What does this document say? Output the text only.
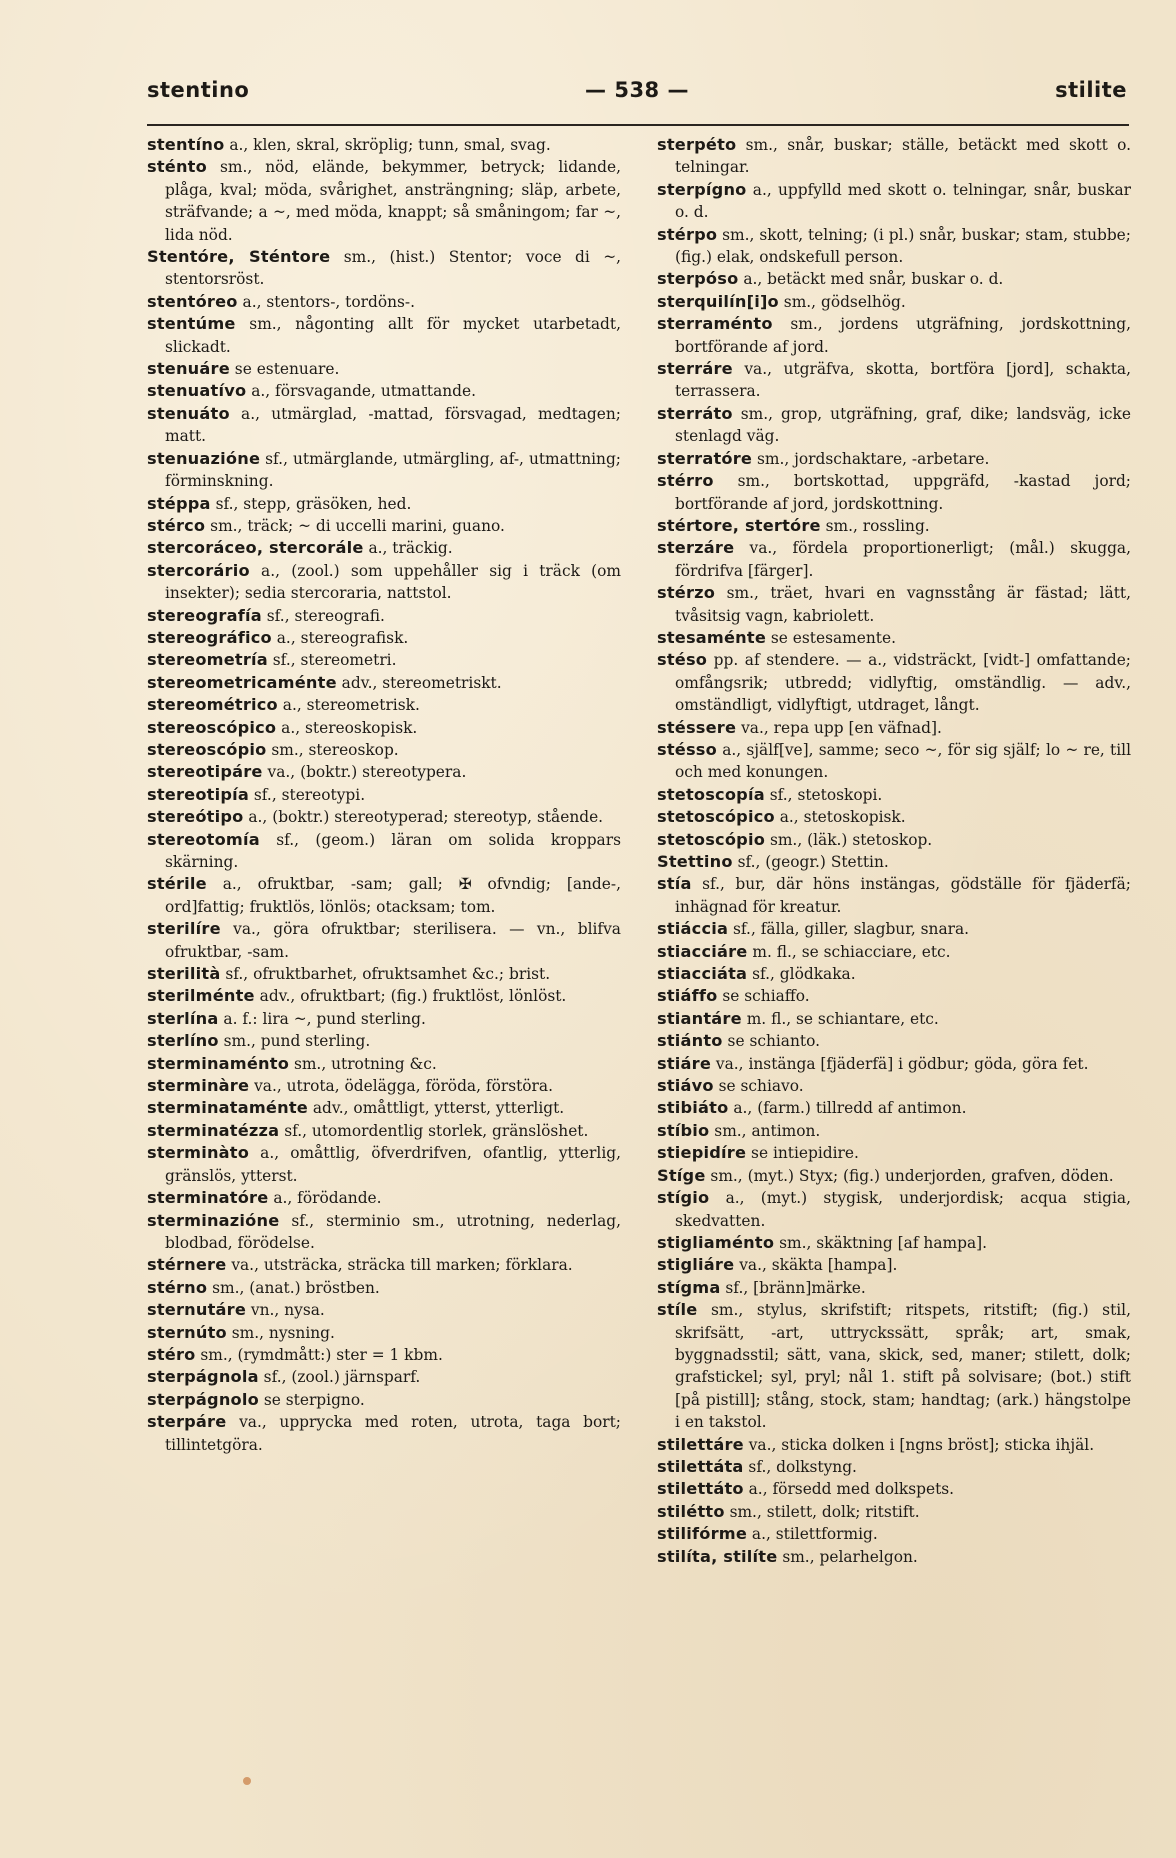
stentino	— 538 —	stilite
stentíno a., klen, skral, skröplig; tunn, smal, svag.
sténto sm., nöd, elände, bekymmer, betryck; lidande, plåga, kval; möda, svårighet, ansträngning; släp, arbete, sträfvande; a ~, med möda, knappt; så småningom; far ~, lida nöd.
Stentóre, Sténtore sm., (hist.) Stentor; voce di ~, stentorsröst.
stentóreo a., stentors-, tordöns-.
stentúme sm., någonting allt för mycket utarbetadt, slickadt.
stenuáre se estenuare.
stenuatívo a., försvagande, utmattande.
stenuáto a., utmärglad, -mattad, försvagad, medtagen; matt.
stenuazióne sf., utmärglande, utmärgling, af-, utmattning; förminskning.
stéppa sf., stepp, gräsöken, hed.
stérco sm., träck; ~ di uccelli marini, guano.
stercoráceo, stercorále a., träckig.
stercorário a., (zool.) som uppehåller sig i träck (om insekter); sedia stercoraria, nattstol.
stereografía sf., stereografi.
stereográfico a., stereografisk.
stereometría sf., stereometri.
stereometricaménte adv., stereometriskt.
stereométrico a., stereometrisk.
stereoscópico a., stereoskopisk.
stereoscópio sm., stereoskop.
stereotipáre va., (boktr.) stereotypera.
stereotipía sf., stereotypi.
stereótipo a., (boktr.) stereotyperad; stereotyp, stående.
stereotomía sf., (geom.) läran om solida kroppars skärning.
stérile a., ofruktbar, -sam; gall; ✠ ofvndig; [ande-, ord]fattig; fruktlös, lönlös; otacksam; tom.
sterilíre va., göra ofruktbar; sterilisera. — vn., blifva ofruktbar, -sam.
sterilità sf., ofruktbarhet, ofruktsamhet &c.; brist.
sterilménte adv., ofruktbart; (fig.) fruktlöst, lönlöst.
sterlína a. f.: lira ~, pund sterling.
sterlíno sm., pund sterling.
sterminaménto sm., utrotning &c.
sterminàre va., utrota, ödelägga, föröda, förstöra.
sterminataménte adv., omåttligt, ytterst, ytterligt.
sterminatézza sf., utomordentlig storlek, gränslöshet.
sterminàto a., omåttlig, öfverdrifven, ofantlig, ytterlig, gränslös, ytterst.
sterminatóre a., förödande.
sterminazióne sf., sterminio sm., utrotning, nederlag, blodbad, förödelse.
stérnere va., utsträcka, sträcka till marken; förklara.
stérno sm., (anat.) bröstben.
sternutáre vn., nysa.
sternúto sm., nysning.
stéro sm., (rymdmått:) ster = 1 kbm.
sterpágnola sf., (zool.) järnsparf.
sterpágnolo se sterpigno.
sterpáre va., upprycka med roten, utrota, taga bort; tillintetgöra.
sterpéto sm., snår, buskar; ställe, betäckt med skott o. telningar.
sterpígno a., uppfylld med skott o. telningar, snår, buskar o. d.
stérpo sm., skott, telning; (i pl.) snår, buskar; stam, stubbe; (fig.) elak, ondskefull person.
sterpóso a., betäckt med snår, buskar o. d.
sterquilín[i]o sm., gödselhög.
sterraménto sm., jordens utgräfning, jordskottning, bortförande af jord.
sterráre va., utgräfva, skotta, bortföra [jord], schakta, terrassera.
sterráto sm., grop, utgräfning, graf, dike; landsväg, icke stenlagd väg.
sterratóre sm., jordschaktare, -arbetare.
stérro sm., bortskottad, uppgräfd, -kastad jord; bortförande af jord, jordskottning.
stértore, stertóre sm., rossling.
sterzáre va., fördela proportionerligt; (mål.) skugga, fördrifva [färger].
stérzo sm., träet, hvari en vagnsstång är fästad; lätt, tvåsitsig vagn, kabriolett.
stesaménte se estesamente.
stéso pp. af stendere. — a., vidsträckt, [vidt-] omfattande; omfångsrik; utbredd; vidlyftig, omständlig. — adv., omständligt, vidlyftigt, utdraget, långt.
stéssere va., repa upp [en väfnad].
stésso a., själf[ve], samme; seco ~, för sig själf; lo ~ re, till och med konungen.
stetoscopía sf., stetoskopi.
stetoscópico a., stetoskopisk.
stetoscópio sm., (läk.) stetoskop.
Stettino sf., (geogr.) Stettin.
stía sf., bur, där höns instängas, gödställe för fjäderfä; inhägnad för kreatur.
stiáccia sf., fälla, giller, slagbur, snara.
stiacciáre m. fl., se schiacciare, etc.
stiacciáta sf., glödkaka.
stiáffo se schiaffo.
stiantáre m. fl., se schiantare, etc.
stiánto se schianto.
stiáre va., instänga [fjäderfä] i gödbur; göda, göra fet.
stiávo se schiavo.
stibiáto a., (farm.) tillredd af antimon.
stíbio sm., antimon.
stiepidíre se intiepidire.
Stíge sm., (myt.) Styx; (fig.) underjorden, grafven, döden.
stígio a., (myt.) stygisk, underjordisk; acqua stigia, skedvatten.
stigliaménto sm., skäktning [af hampa].
stigliáre va., skäkta [hampa].
stígma sf., [bränn]märke.
stíle sm., stylus, skrifstift; ritspets, ritstift; (fig.) stil, skrifsätt, -art, uttryckssätt, språk; art, smak, byggnadsstil; sätt, vana, skick, sed, maner; stilett, dolk; grafstickel; syl, pryl; nål 1. stift på solvisare; (bot.) stift [på pistill]; stång, stock, stam; handtag; (ark.) hängstolpe i en takstol.
stilettáre va., sticka dolken i [ngns bröst]; sticka ihjäl.
stilettáta sf., dolkstyng.
stilettáto a., försedd med dolkspets.
stilétto sm., stilett, dolk; ritstift.
stilifórme a., stilettformig.
stilíta, stilíte sm., pelarhelgon.
